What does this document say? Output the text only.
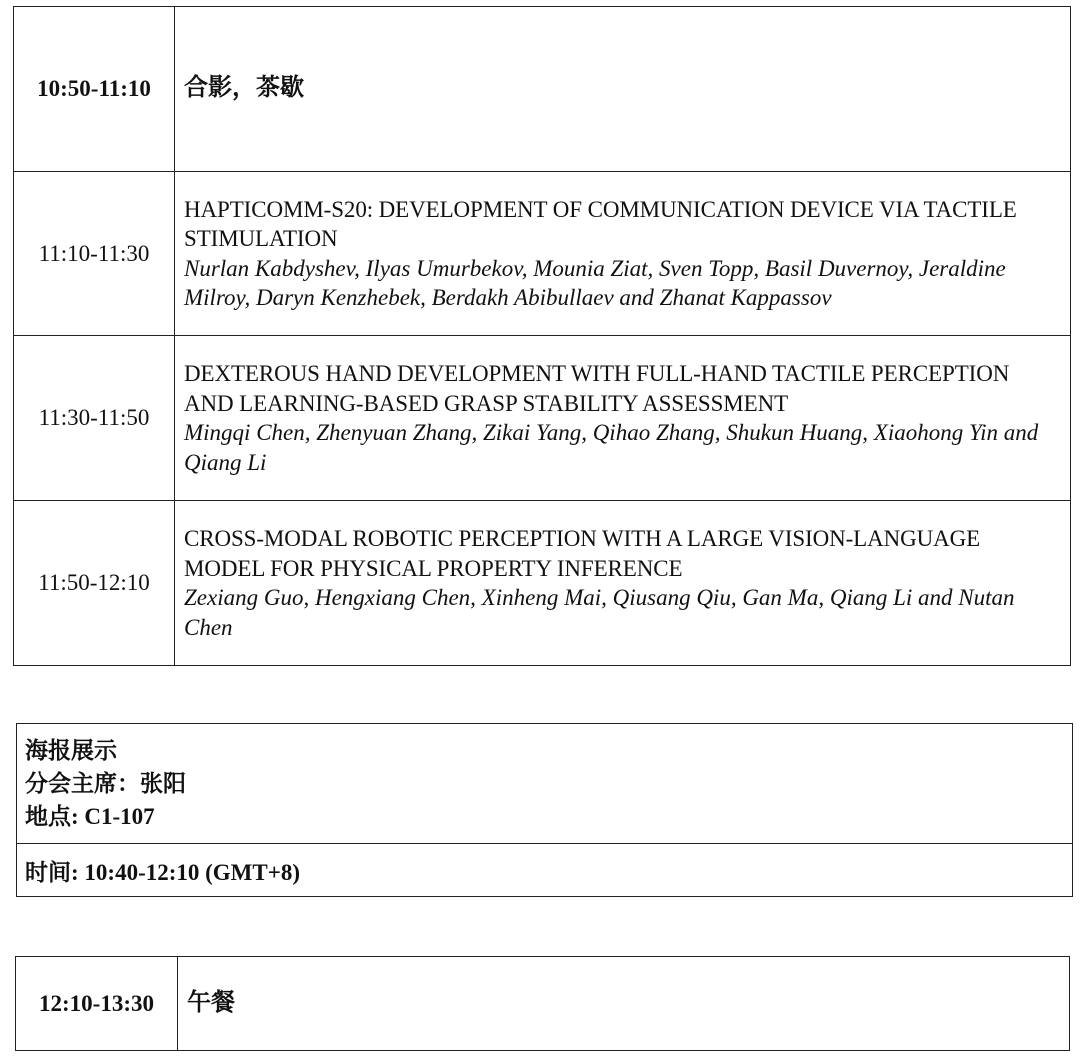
10:50-11:10	合影，茶歇
11:10-11:30	HAPTICOMM-S20: DEVELOPMENT OF COMMUNICATION DEVICE VIA TACTILE STIMULATION
Nurlan Kabdyshev, Ilyas Umurbekov, Mounia Ziat, Sven Topp, Basil Duvernoy, Jeraldine Milroy, Daryn Kenzhebek, Berdakh Abibullaev and Zhanat Kappassov

11:30-11:50	DEXTEROUS HAND DEVELOPMENT WITH FULL-HAND TACTILE PERCEPTION AND LEARNING-BASED GRASP STABILITY ASSESSMENT
Mingqi Chen, Zhenyuan Zhang, Zikai Yang, Qihao Zhang, Shukun Huang, Xiaohong Yin and Qiang Li

11:50-12:10	CROSS-MODAL ROBOTIC PERCEPTION WITH A LARGE VISION-LANGUAGE MODEL FOR PHYSICAL PROPERTY INFERENCE
Zexiang Guo, Hengxiang Chen, Xinheng Mai, Qiusang Qiu, Gan Ma, Qiang Li and Nutan Chen
海报展示
分会主席：张阳
地点: C1-107

时间: 10:40-12:10 (GMT+8)
12:10-13:30	午餐
